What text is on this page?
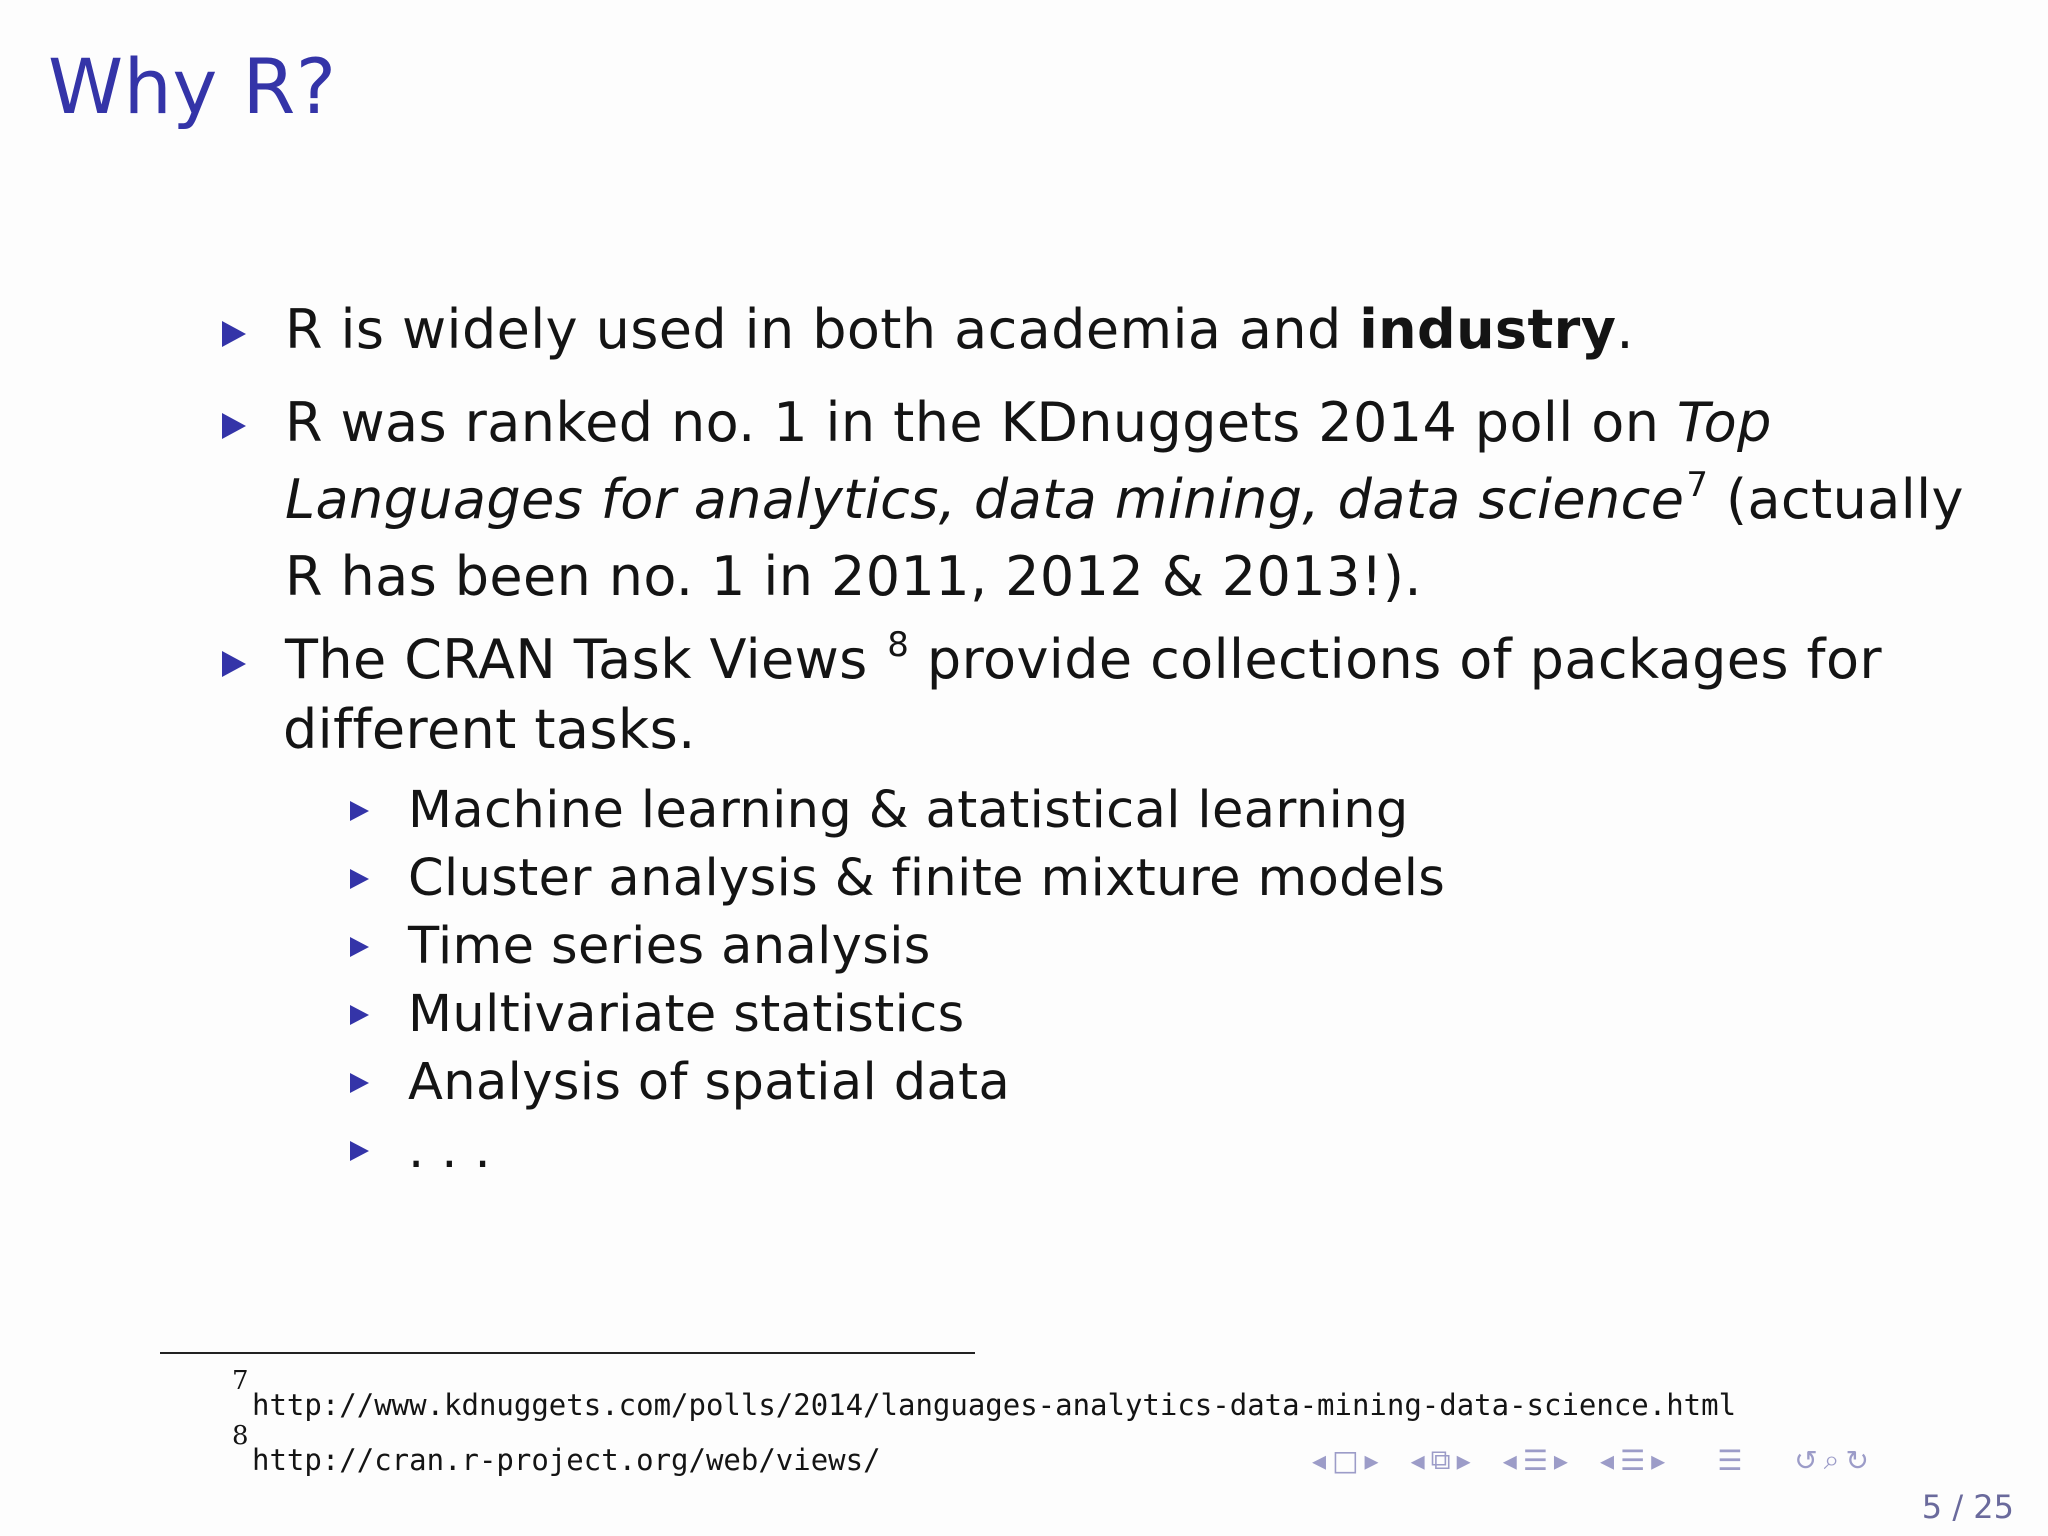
Why R?
R is widely used in both academia and industry.
R was ranked no. 1 in the KDnuggets 2014 poll on Top
Languages for analytics, data mining, data science$^7$ (actually
R has been no. 1 in 2011, 2012 & 2013!).
The CRAN Task Views $^8$ provide collections of packages for
different tasks.
Machine learning & atatistical learning
Cluster analysis & finite mixture models
Time series analysis
Multivariate statistics
Analysis of spatial data
. . .
7
http://www.kdnuggets.com/polls/2014/languages-analytics-data-mining-data-science.html
8
http://cran.r-project.org/web/views/	◂ □ ▸ ◂ ⧉ ▸ ◂ ☰ ▸ ◂ ☰ ▸ ☰ ↺ ⌕ ↻
5 / 25
